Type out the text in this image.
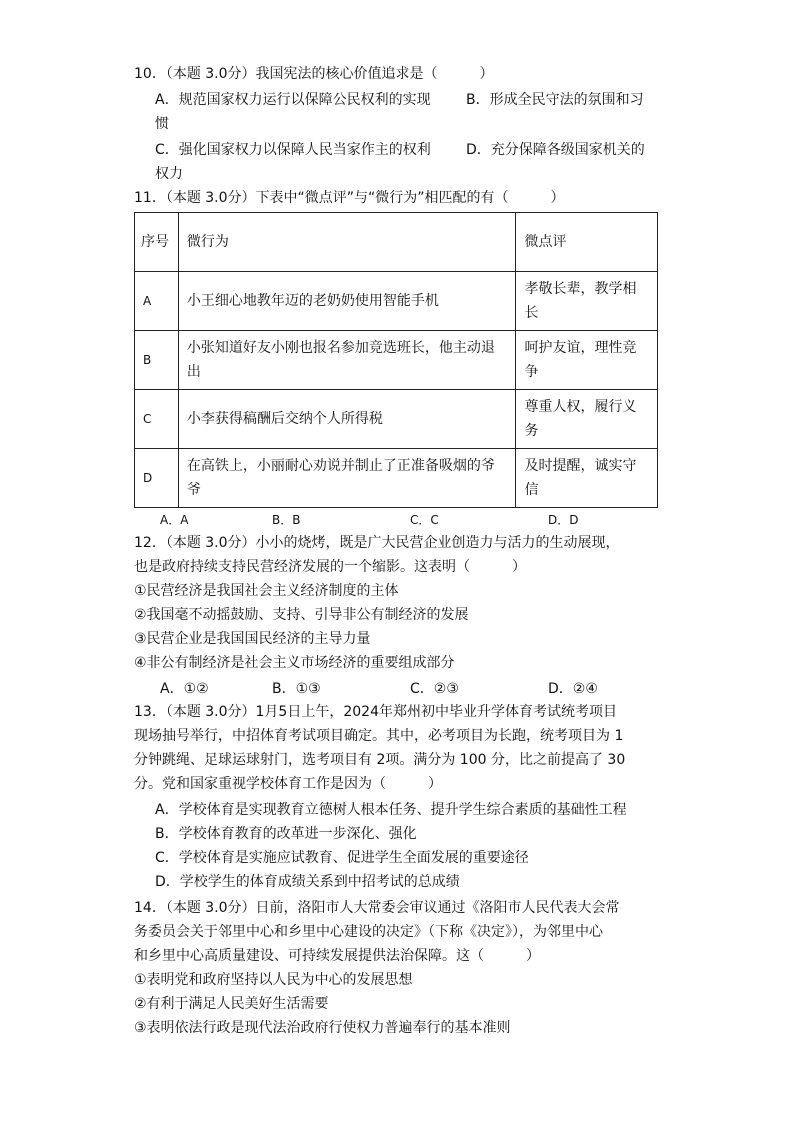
10．（本题 3.0分）我国宪法的核心价值追求是（　　　）
A．规范国家权力运行以保障公民权利的实现	B．形成全民守法的氛围和习
惯
C．强化国家权力以保障人民当家作主的权利	D．充分保障各级国家机关的
权力
11．（本题 3.0分）下表中“微点评”与“微行为”相匹配的有（　　　）
序号	微行为	微点评
A	小王细心地教年迈的老奶奶使用智能手机	孝敬长辈，教学相长
B	小张知道好友小刚也报名参加竞选班长，他主动退出	呵护友谊，理性竞争
C	小李获得稿酬后交纳个人所得税	尊重人权，履行义务
D	在高铁上，小丽耐心劝说并制止了正准备吸烟的爷爷	及时提醒，诚实守信
A．A	B．B	C．C	D．D
12．（本题 3.0分）小小的烧烤，既是广大民营企业创造力与活力的生动展现，
也是政府持续支持民营经济发展的一个缩影。这表明（　　　）
①民营经济是我国社会主义经济制度的主体
②我国毫不动摇鼓励、支持、引导非公有制经济的发展
③民营企业是我国国民经济的主导力量
④非公有制经济是社会主义市场经济的重要组成部分
A．①②	B．①③	C．②③	D．②④
13．（本题 3.0分）1月5日上午，2024年郑州初中毕业升学体育考试统考项目
现场抽号举行，中招体育考试项目确定。其中，必考项目为长跑，统考项目为 1
分钟跳绳、足球运球射门，选考项目有 2项。满分为 100 分，比之前提高了 30
分。党和国家重视学校体育工作是因为（　　　）
A．学校体育是实现教育立德树人根本任务、提升学生综合素质的基础性工程
B．学校体育教育的改革进一步深化、强化
C．学校体育是实施应试教育、促进学生全面发展的重要途径
D．学校学生的体育成绩关系到中招考试的总成绩
14．（本题 3.0分）日前，洛阳市人大常委会审议通过《洛阳市人民代表大会常
务委员会关于邻里中心和乡里中心建设的决定》（下称《决定》），为邻里中心
和乡里中心高质量建设、可持续发展提供法治保障。这（　　　）
①表明党和政府坚持以人民为中心的发展思想
②有利于满足人民美好生活需要
③表明依法行政是现代法治政府行使权力普遍奉行的基本准则
